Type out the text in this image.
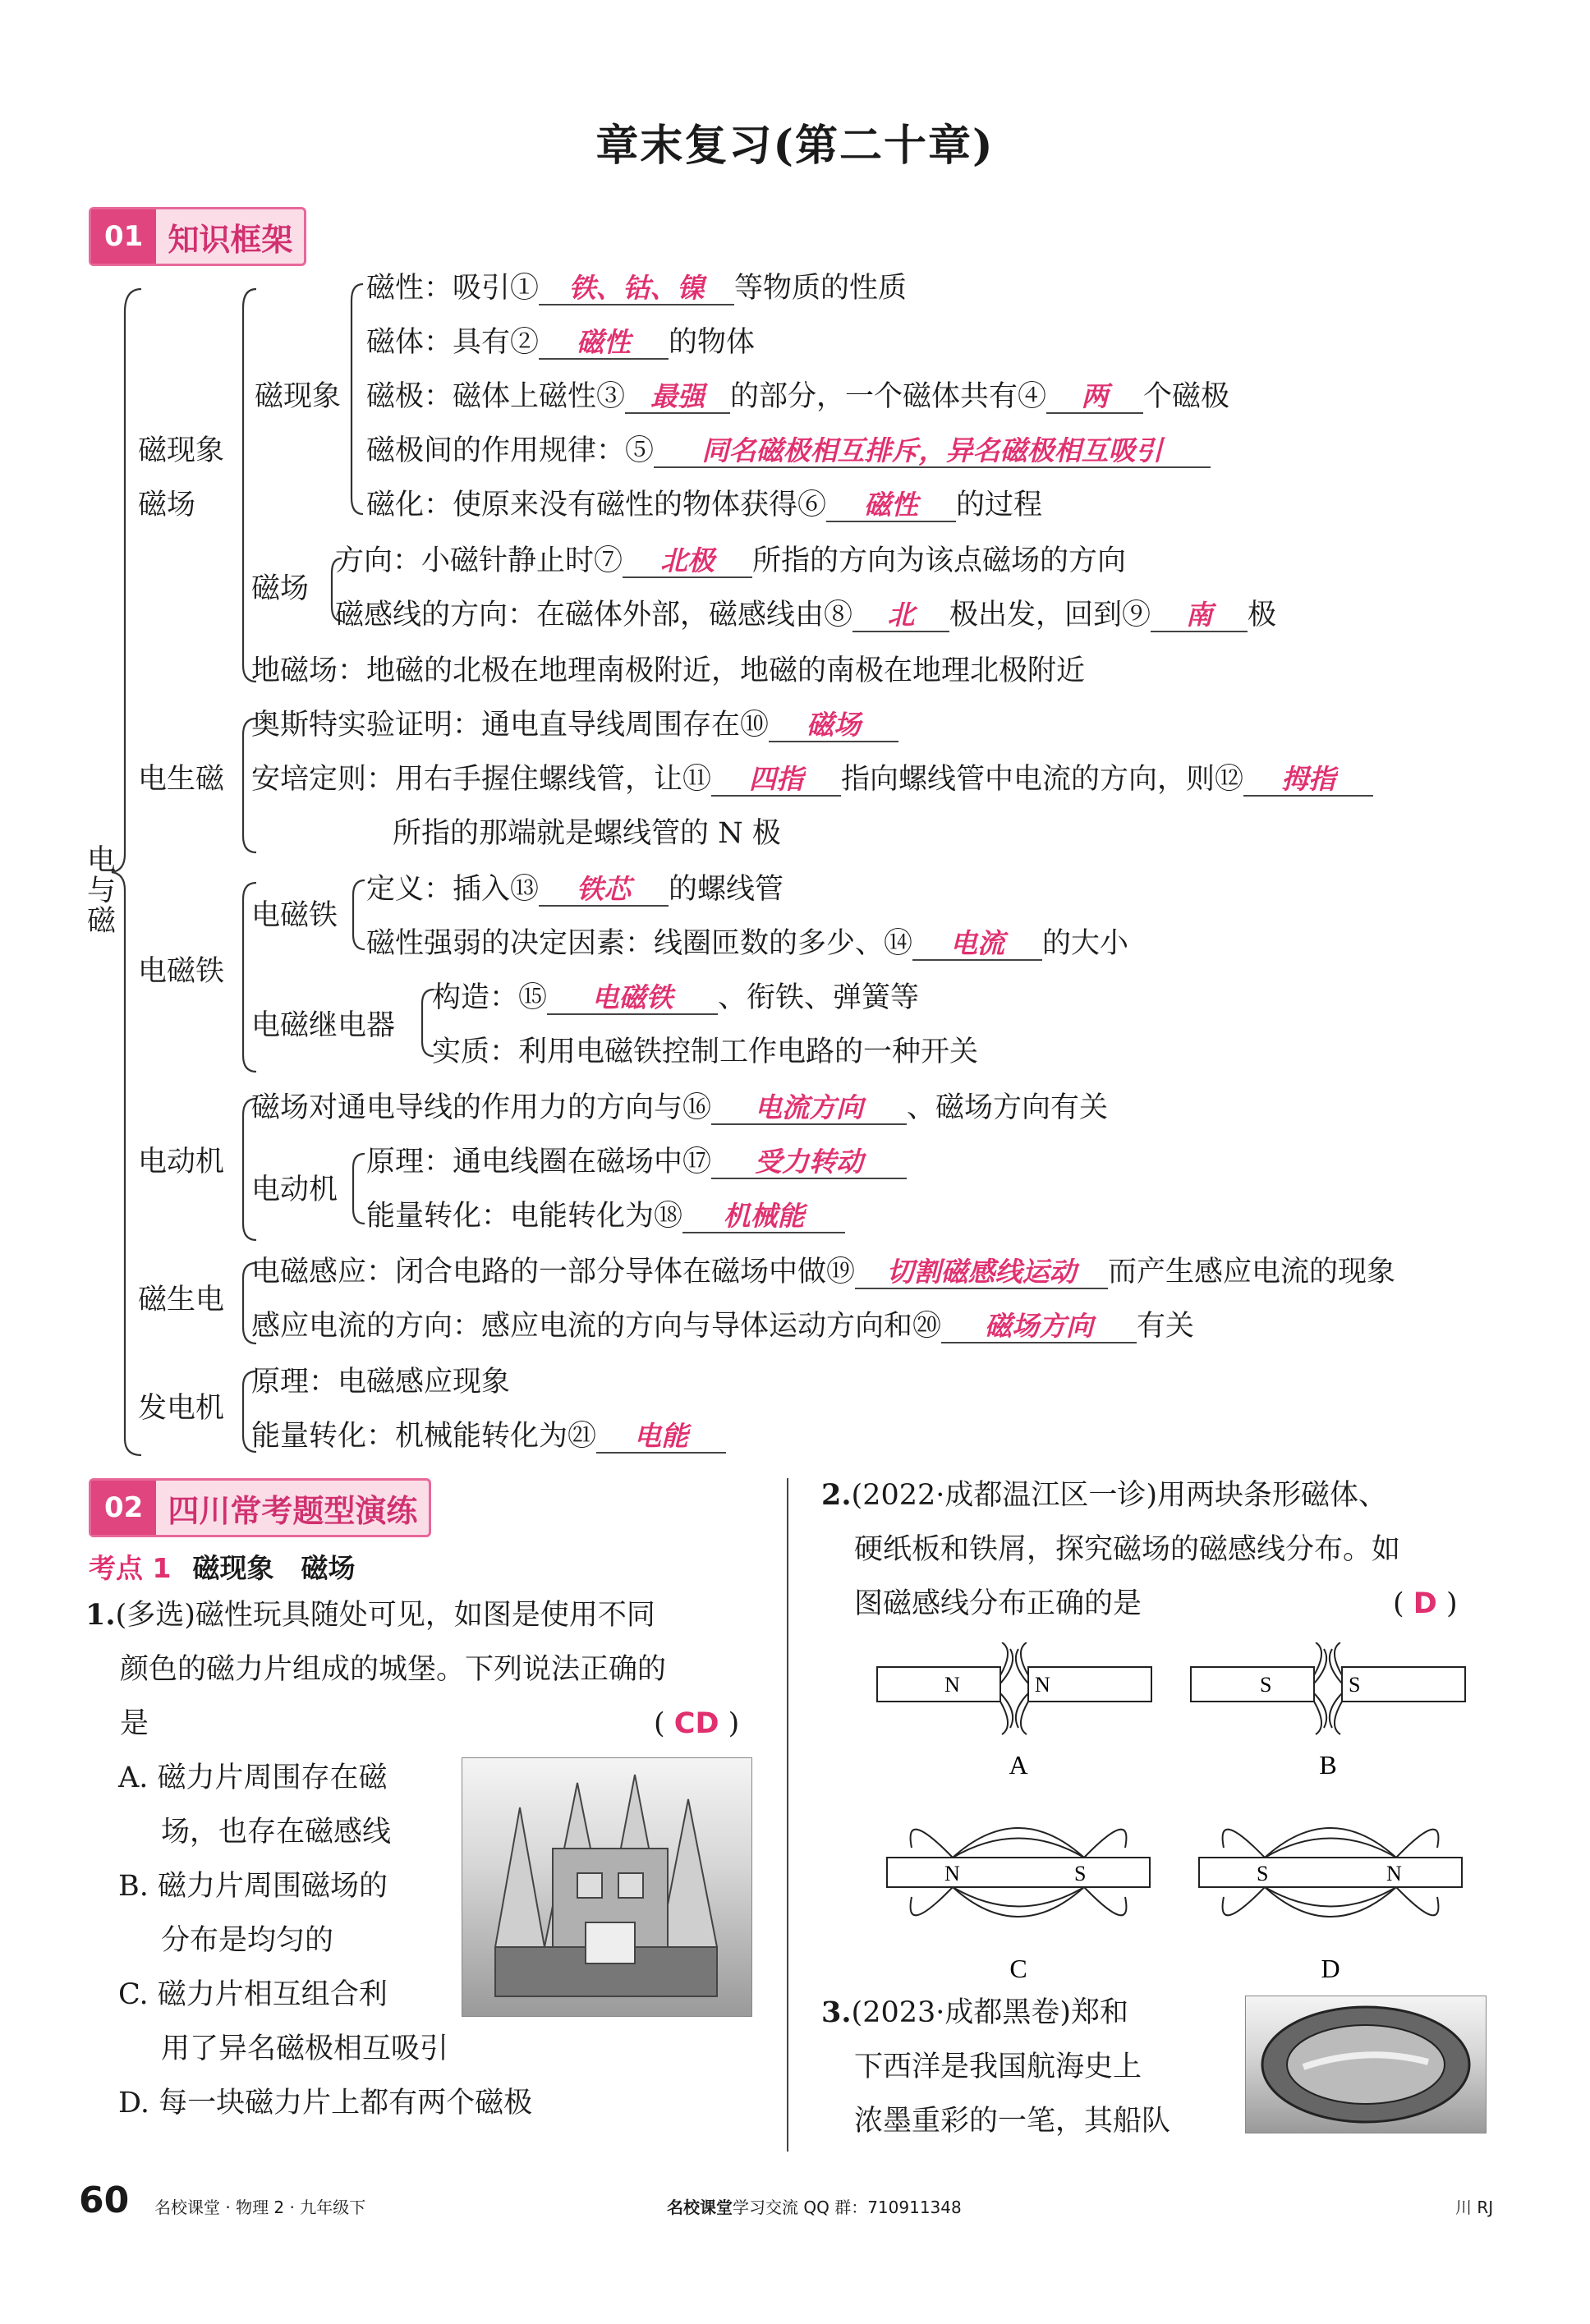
章末复习(第二十章)
01 知识框架
电
与
磁
磁现象
磁场
磁现象
磁场
电生磁
电磁铁
电磁铁
电磁继电器
电动机
电动机
磁生电
发电机
磁性：吸引① 铁、钴、镍 等物质的性质
磁体：具有② 磁性 的物体
磁极：磁体上磁性③ 最强 的部分，一个磁体共有④ 两 个磁极
磁极间的作用规律：⑤ 同名磁极相互排斥，异名磁极相互吸引
磁化：使原来没有磁性的物体获得⑥ 磁性 的过程
方向：小磁针静止时⑦ 北极 所指的方向为该点磁场的方向
磁感线的方向：在磁体外部，磁感线由⑧ 北 极出发，回到⑨ 南 极
地磁场：地磁的北极在地理南极附近，地磁的南极在地理北极附近
奥斯特实验证明：通电直导线周围存在⑩ 磁场
安培定则：用右手握住螺线管，让⑪ 四指 指向螺线管中电流的方向，则⑫ 拇指
所指的那端就是螺线管的 N 极
定义：插入⑬ 铁芯 的螺线管
磁性强弱的决定因素：线圈匝数的多少、⑭ 电流 的大小
构造：⑮ 电磁铁 、衔铁、弹簧等
实质：利用电磁铁控制工作电路的一种开关
磁场对通电导线的作用力的方向与⑯ 电流方向 、磁场方向有关
原理：通电线圈在磁场中⑰ 受力转动
能量转化：电能转化为⑱ 机械能
电磁感应：闭合电路的一部分导体在磁场中做⑲ 切割磁感线运动 而产生感应电流的现象
感应电流的方向：感应电流的方向与导体运动方向和⑳ 磁场方向 有关
原理：电磁感应现象
能量转化：机械能转化为㉑ 电能
02 四川常考题型演练
考点 1 磁现象　磁场
1.(多选)磁性玩具随处可见，如图是使用不同
颜色的磁力片组成的城堡。下列说法正确的
是	( CD )
A. 磁力片周围存在磁
场，也存在磁感线
B. 磁力片周围磁场的
分布是均匀的
C. 磁力片相互组合利
用了异名磁极相互吸引
D. 每一块磁力片上都有两个磁极
2.(2022·成都温江区一诊)用两块条形磁体、
硬纸板和铁屑，探究磁场的磁感线分布。如
图磁感线分布正确的是	( D )
N	N
A
S	S
B
N	S
C
S	N
D
3.(2023·成都黑卷)郑和
下西洋是我国航海史上
浓墨重彩的一笔，其船队
60 名校课堂 · 物理 2 · 九年级下	名校课堂学习交流 QQ 群：710911348	川 RJ
